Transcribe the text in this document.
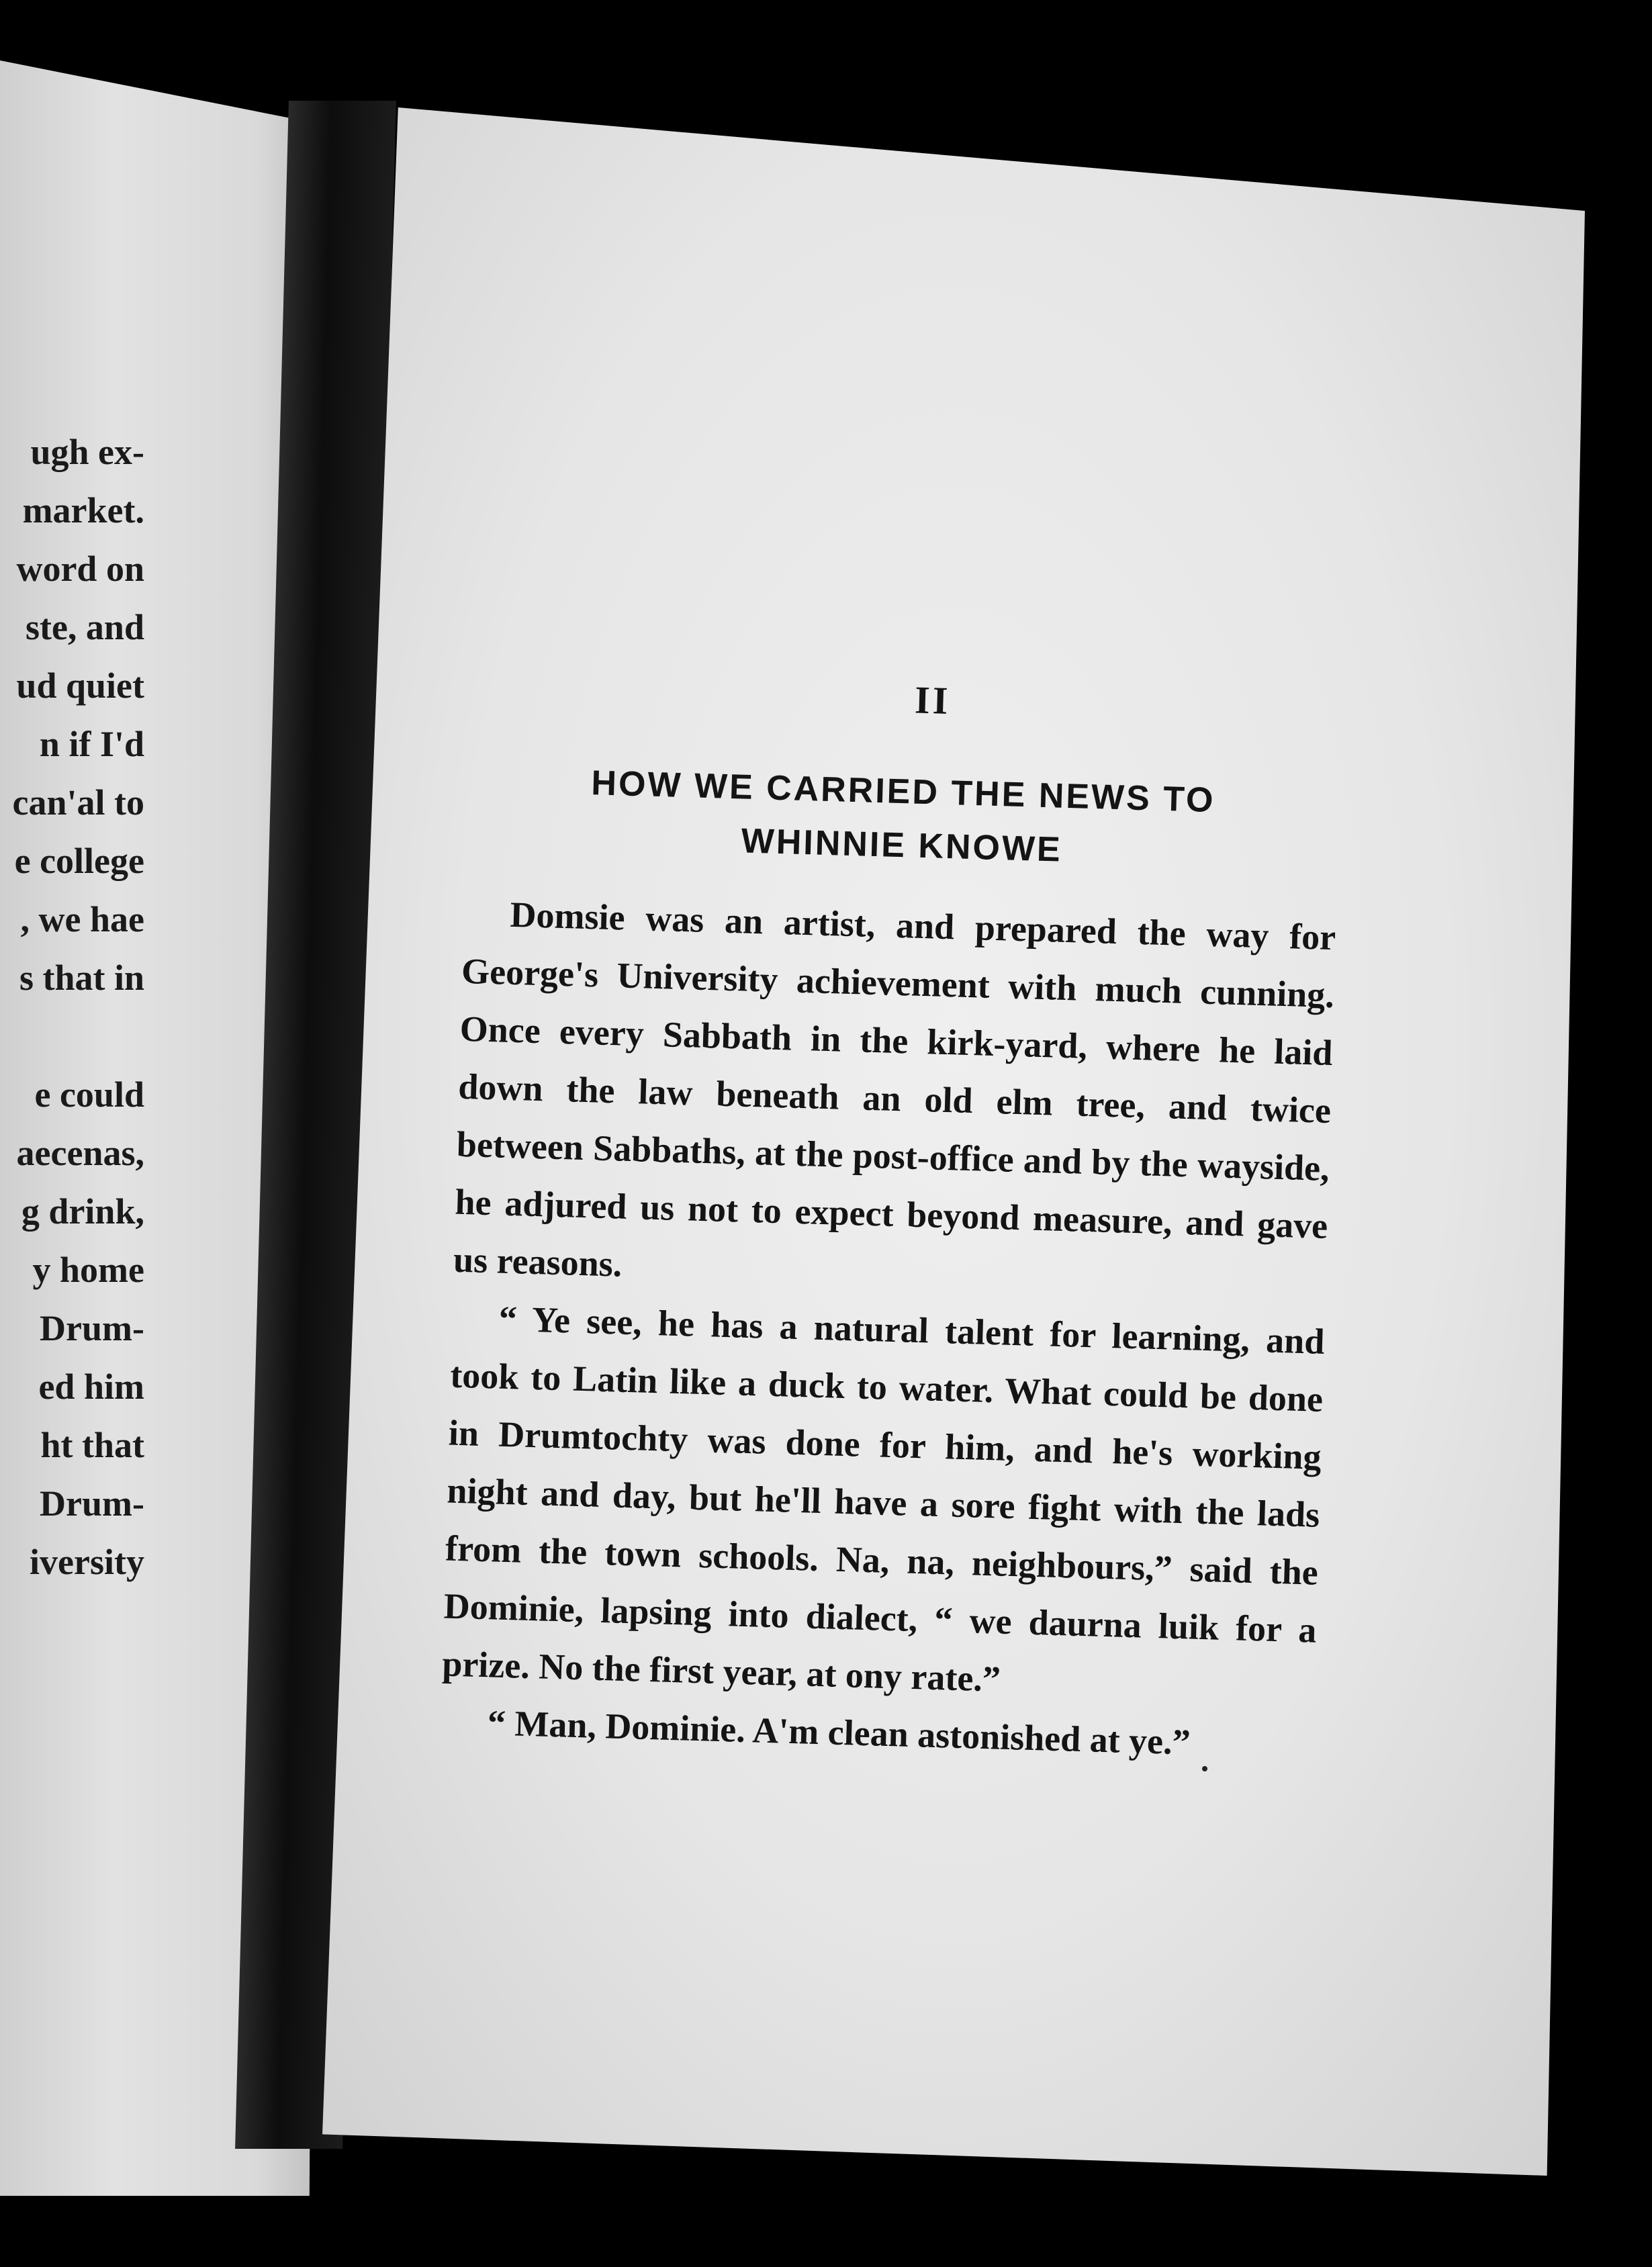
ugh ex-
market.
word on
ste, and
ud quiet
n if I'd
can'al to
e college
, we hae
s that in
e could
aecenas,
g drink,
y home
Drum-
ed him
ht that
Drum-
iversity
II
HOW WE CARRIED THE NEWS TO
WHINNIE KNOWE

Domsie was an artist, and prepared the way for George's University achievement with much cunning. Once every Sabbath in the kirk-yard, where he laid down the law beneath an old elm tree, and twice between Sabbaths, at the post-office and by the wayside, he adjured us not to expect beyond measure, and gave us reasons.

“ Ye see, he has a natural talent for learning, and took to Latin like a duck to water. What could be done in Drumtochty was done for him, and he's working night and day, but he'll have a sore fight with the lads from the town schools. Na, na, neighbours,” said the Dominie, lapsing into dialect, “ we daurna luik for a prize. No the first year, at ony rate.”

“ Man, Dominie. A'm clean astonished at ye.”
